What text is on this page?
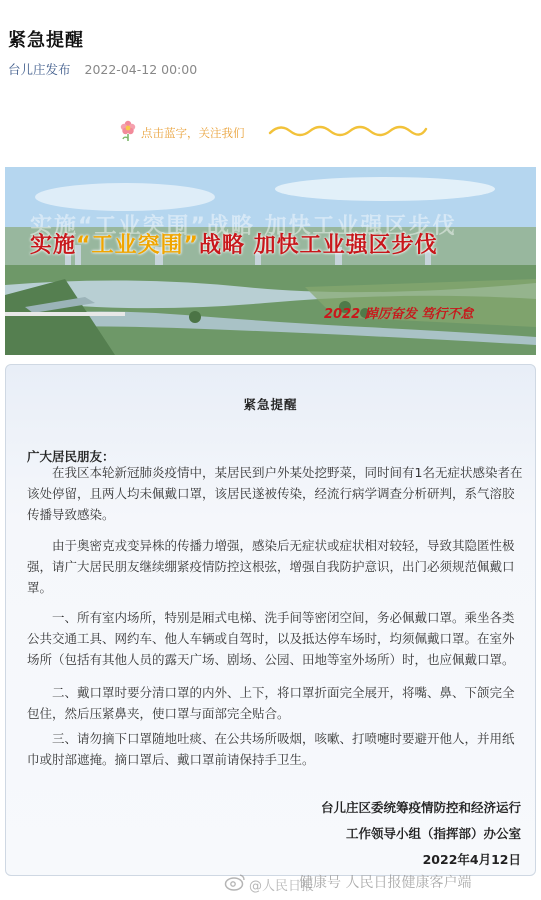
紧急提醒
台儿庄发布 2022-04-12 00:00
点击蓝字，关注我们
实施“工业突围”战略 加快工业强区步伐
实施“工业突围”战略 加快工业强区步伐
2022 踔厉奋发 笃行不怠
紧急提醒
广大居民朋友：

在我区本轮新冠肺炎疫情中，某居民到户外某处挖野菜，同时间有1名无症状感染者在该处停留，且两人均未佩戴口罩，该居民遂被传染，经流行病学调查分析研判，系气溶胶传播导致感染。

由于奥密克戎变异株的传播力增强，感染后无症状或症状相对较轻，导致其隐匿性极强，请广大居民朋友继续绷紧疫情防控这根弦，增强自我防护意识，出门必须规范佩戴口罩。

一、所有室内场所，特别是厢式电梯、洗手间等密闭空间，务必佩戴口罩。乘坐各类公共交通工具、网约车、他人车辆或自驾时，以及抵达停车场时，均须佩戴口罩。在室外场所（包括有其他人员的露天广场、剧场、公园、田地等室外场所）时，也应佩戴口罩。

二、戴口罩时要分清口罩的内外、上下，将口罩折面完全展开，将嘴、鼻、下颌完全包住，然后压紧鼻夹，使口罩与面部完全贴合。

三、请勿摘下口罩随地吐痰、在公共场所吸烟，咳嗽、打喷嚏时要避开他人，并用纸巾或肘部遮掩。摘口罩后、戴口罩前请保持手卫生。

台儿庄区委统筹疫情防控和经济运行
工作领导小组（指挥部）办公室
2022年4月12日
@人民日报
健康号 人民日报健康客户端
